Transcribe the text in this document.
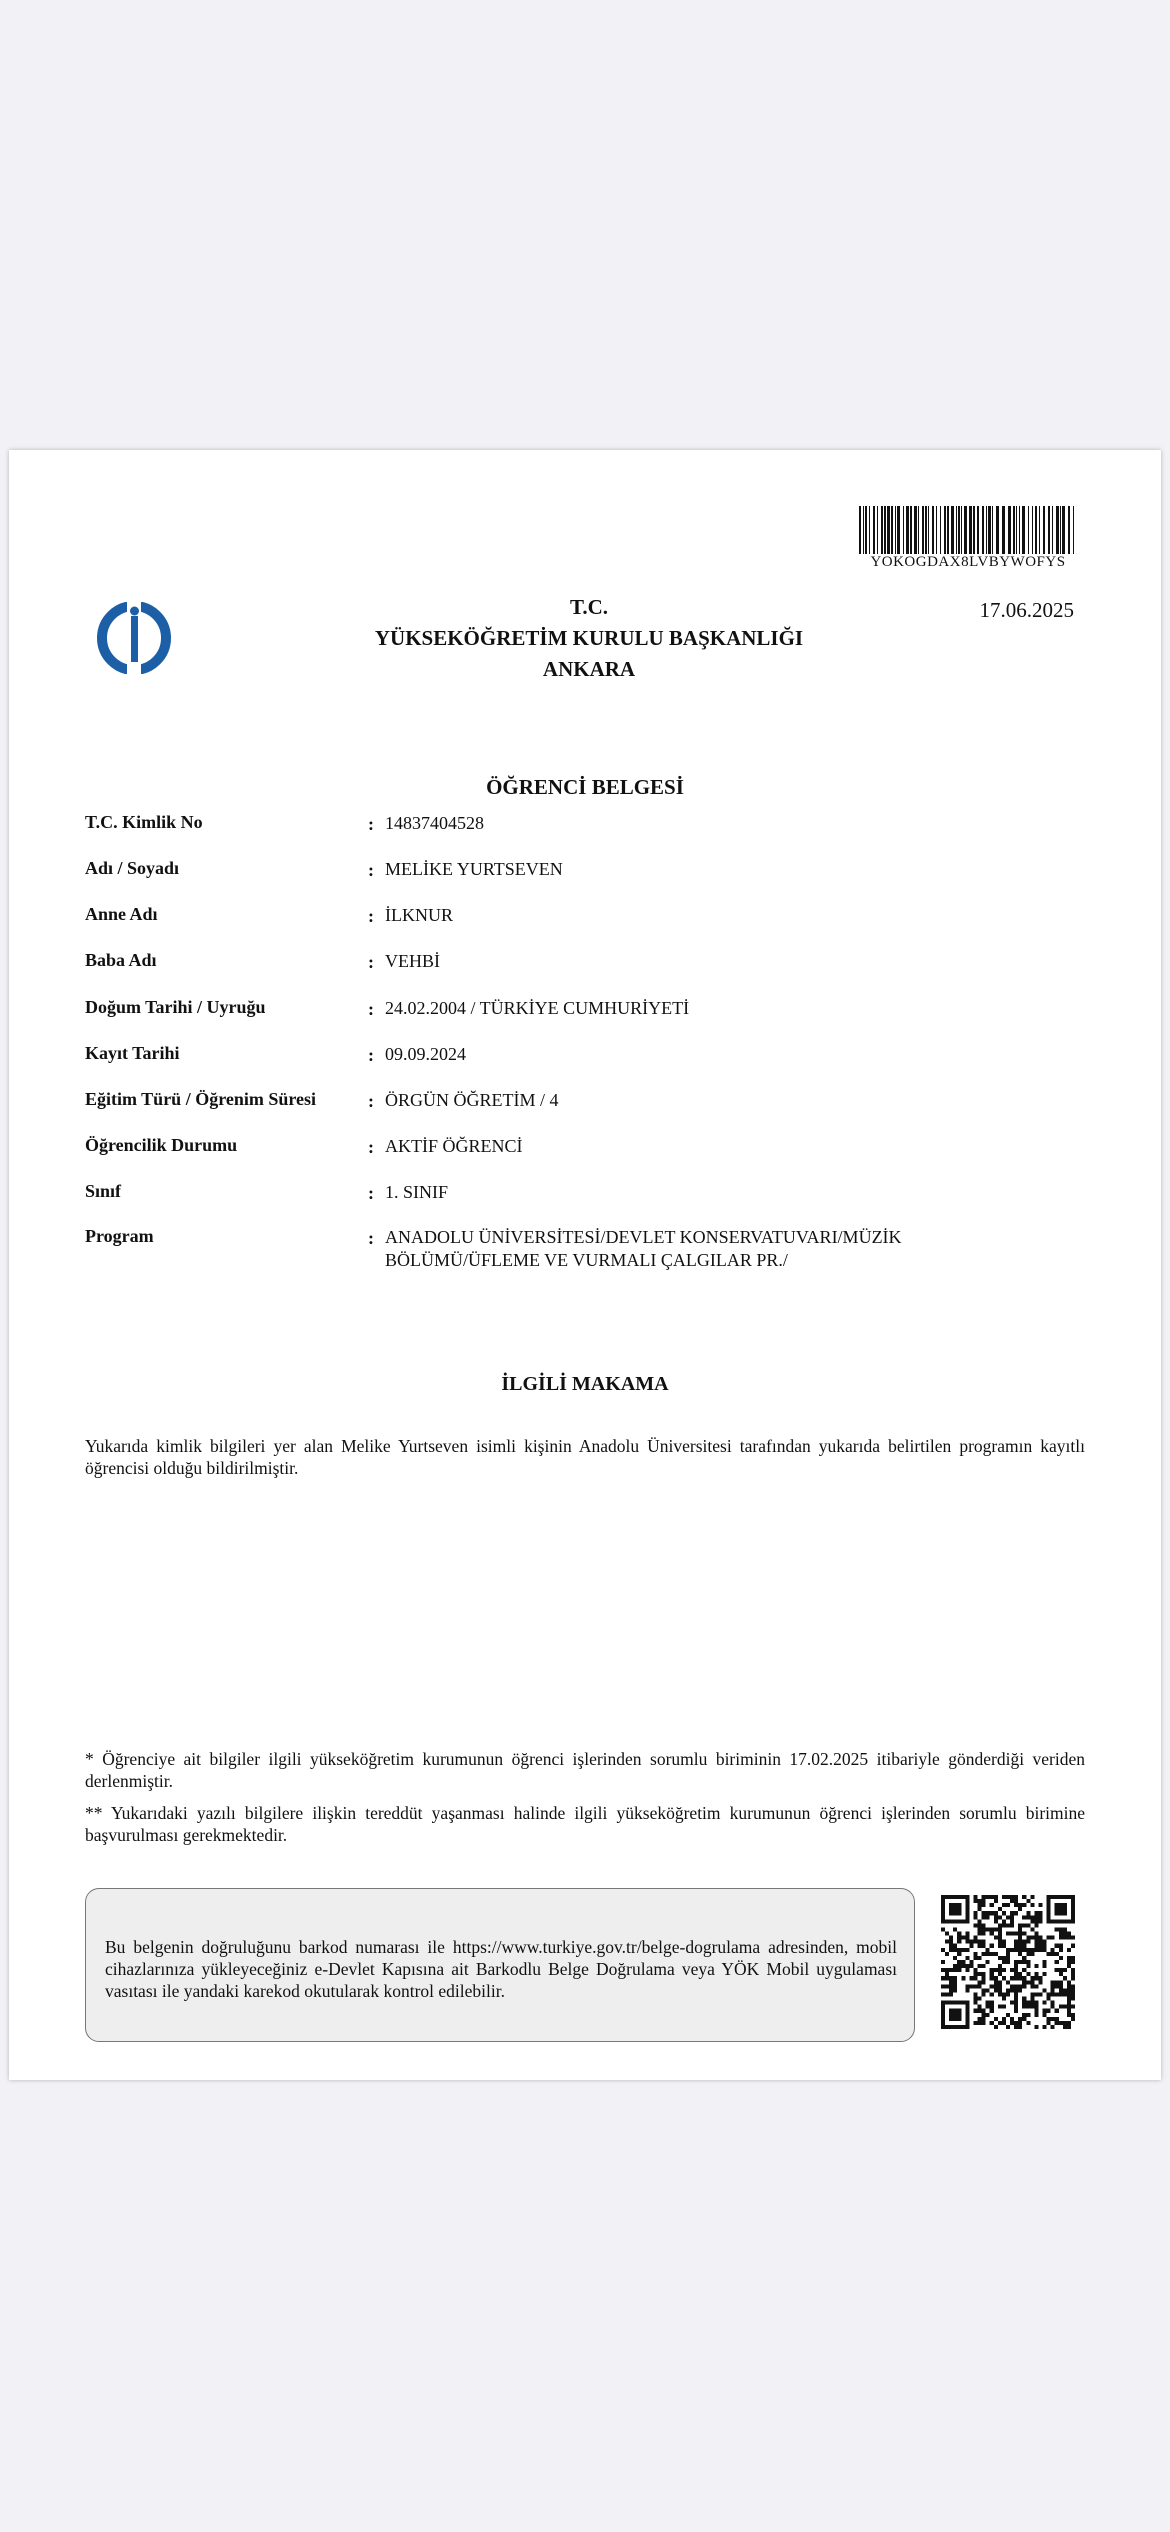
YOKOGDAX8LVBYWOFYS
17.06.2025
T.C.
YÜKSEKÖĞRETİM KURULU BAŞKANLIĞI
ANKARA
ÖĞRENCİ BELGESİ
T.C. Kimlik No	: 14837404528
Adı / Soyadı	: MELİKE YURTSEVEN
Anne Adı	: İLKNUR
Baba Adı	: VEHBİ
Doğum Tarihi / Uyruğu	: 24.02.2004 / TÜRKİYE CUMHURİYETİ
Kayıt Tarihi	: 09.09.2024
Eğitim Türü / Öğrenim Süresi	: ÖRGÜN ÖĞRETİM / 4
Öğrencilik Durumu	: AKTİF ÖĞRENCİ
Sınıf	: 1. SINIF
Program	: ANADOLU ÜNİVERSİTESİ/DEVLET KONSERVATUVARI/MÜZİK BÖLÜMÜ/ÜFLEME VE VURMALI ÇALGILAR PR./
İLGİLİ MAKAMA
Yukarıda kimlik bilgileri yer alan Melike Yurtseven isimli kişinin Anadolu Üniversitesi tarafından yukarıda belirtilen programın kayıtlı öğrencisi olduğu bildirilmiştir.
* Öğrenciye ait bilgiler ilgili yükseköğretim kurumunun öğrenci işlerinden sorumlu biriminin 17.02.2025 itibariyle gönderdiği veriden derlenmiştir.
** Yukarıdaki yazılı bilgilere ilişkin tereddüt yaşanması halinde ilgili yükseköğretim kurumunun öğrenci işlerinden sorumlu birimine başvurulması gerekmektedir.
Bu belgenin doğruluğunu barkod numarası ile https://www.turkiye.gov.tr/belge-dogrulama adresinden, mobil cihazlarınıza yükleyeceğiniz e-Devlet Kapısına ait Barkodlu Belge Doğrulama veya YÖK Mobil uygulaması vasıtası ile yandaki karekod okutularak kontrol edilebilir.
